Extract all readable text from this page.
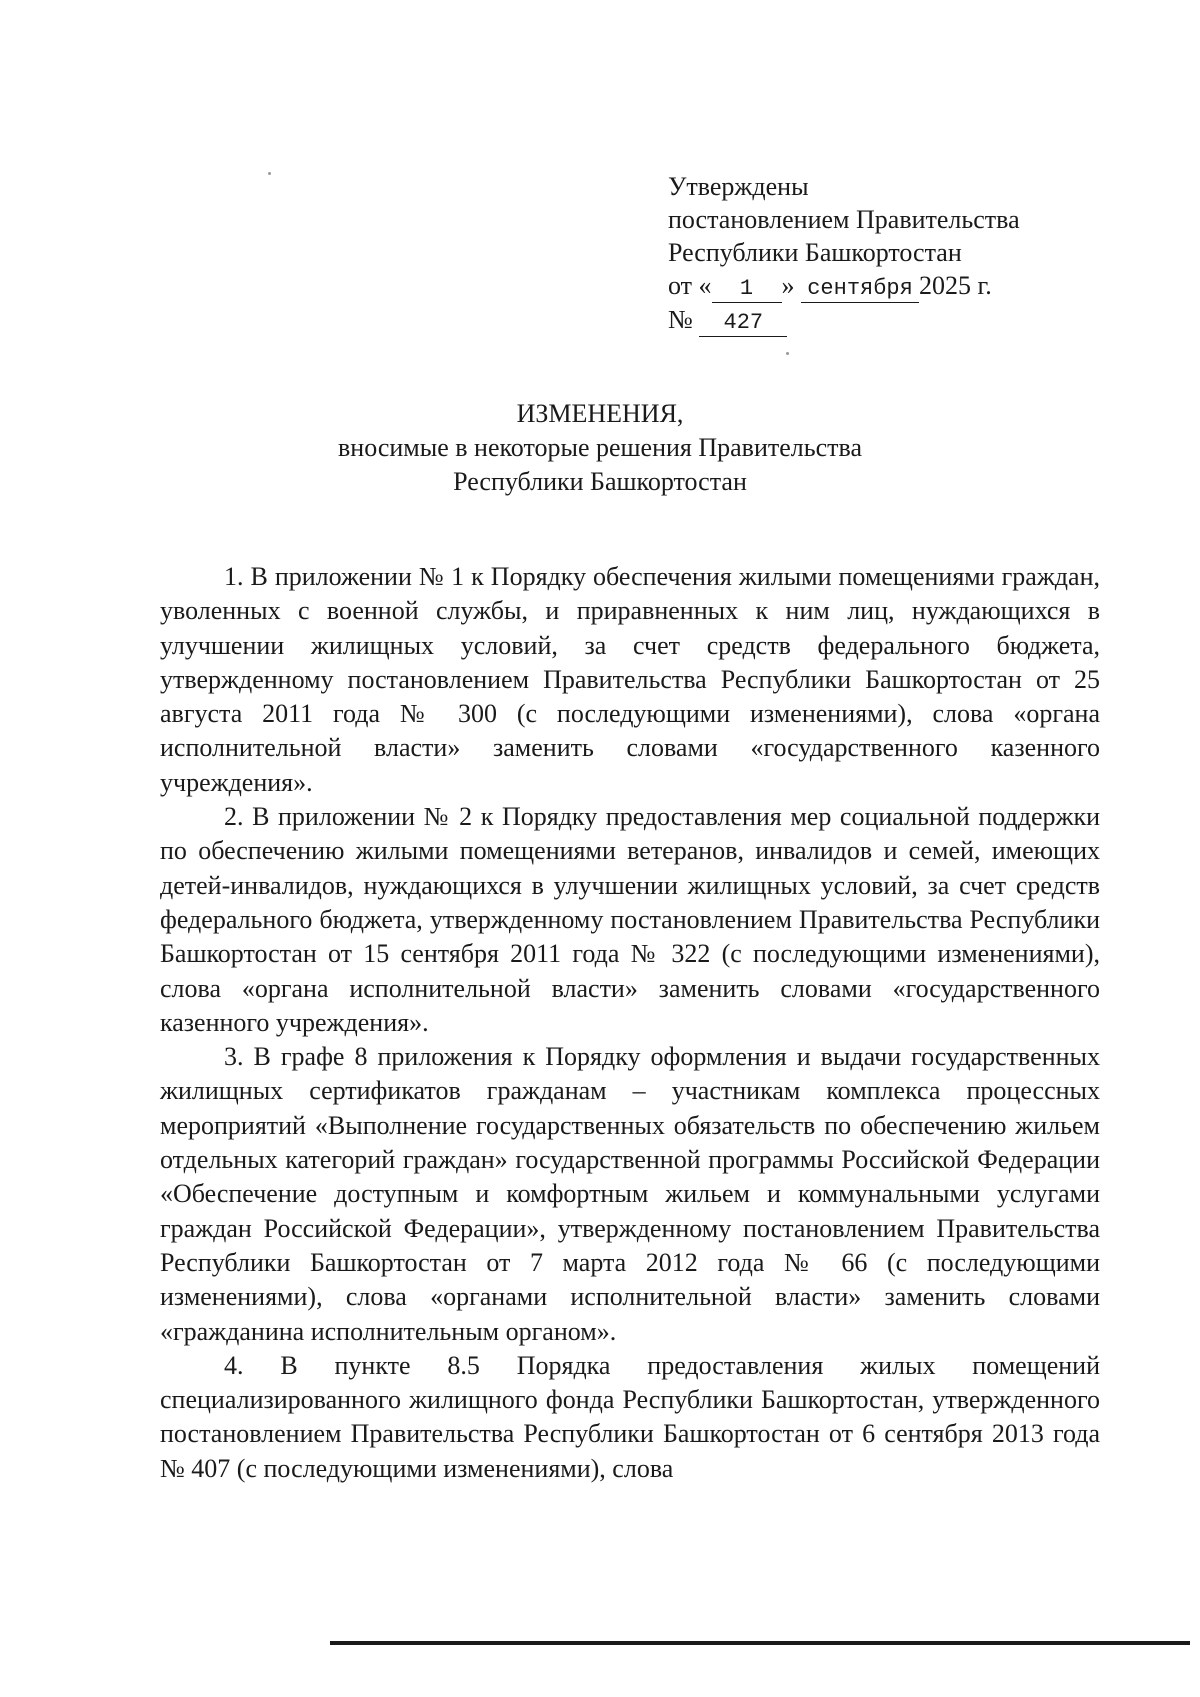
Утверждены
постановлением Правительства
Республики Башкортостан
от « 1 » сентября 2025 г.
№ 427
ИЗМЕНЕНИЯ,
вносимые в некоторые решения Правительства
Республики Башкортостан

1. В приложении № 1 к Порядку обеспечения жилыми помещениями граждан, уволенных с военной службы, и приравненных к ним лиц, нуждающихся в улучшении жилищных условий, за счет средств федерального бюджета, утвержденному постановлением Правительства Республики Башкортостан от 25 августа 2011 года № 300 (с последующими изменениями), слова «органа исполнительной власти» заменить словами «государственного казенного учреждения».

2. В приложении № 2 к Порядку предоставления мер социальной поддержки по обеспечению жилыми помещениями ветеранов, инвалидов и семей, имеющих детей-инвалидов, нуждающихся в улучшении жилищных условий, за счет средств федерального бюджета, утвержденному постановлением Правительства Республики Башкортостан от 15 сентября 2011 года № 322 (с последующими изменениями), слова «органа исполнительной власти» заменить словами «государственного казенного учреждения».

3. В графе 8 приложения к Порядку оформления и выдачи государственных жилищных сертификатов гражданам – участникам комплекса процессных мероприятий «Выполнение государственных обязательств по обеспечению жильем отдельных категорий граждан» государственной программы Российской Федерации «Обеспечение доступным и комфортным жильем и коммунальными услугами граждан Российской Федерации», утвержденному постановлением Правительства Республики Башкортостан от 7 марта 2012 года № 66 (с последующими изменениями), слова «органами исполнительной власти» заменить словами «гражданина исполнительным органом».

4. В пункте 8.5 Порядка предоставления жилых помещений специализированного жилищного фонда Республики Башкортостан, утвержденного постановлением Правительства Республики Башкортостан от 6 сентября 2013 года № 407 (с последующими изменениями), слова
